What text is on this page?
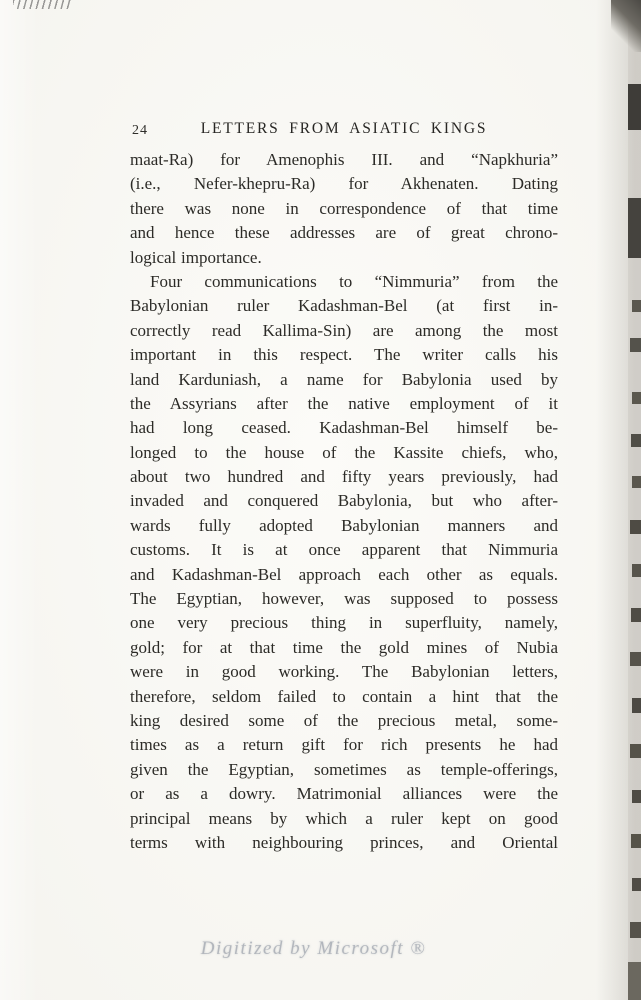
24	LETTERS FROM ASIATIC KINGS
maat-Ra) for Amenophis III. and “Napkhuria”
(i.e., Nefer-khepru-Ra) for Akhenaten. Dating
there was none in correspondence of that time
and hence these addresses are of great chrono-
logical importance.
Four communications to “Nimmuria” from the
Babylonian ruler Kadashman-Bel (at first in-
correctly read Kallima-Sin) are among the most
important in this respect. The writer calls his
land Karduniash, a name for Babylonia used by
the Assyrians after the native employment of it
had long ceased. Kadashman-Bel himself be-
longed to the house of the Kassite chiefs, who,
about two hundred and fifty years previously, had
invaded and conquered Babylonia, but who after-
wards fully adopted Babylonian manners and
customs. It is at once apparent that Nimmuria
and Kadashman-Bel approach each other as equals.
The Egyptian, however, was supposed to possess
one very precious thing in superfluity, namely,
gold; for at that time the gold mines of Nubia
were in good working. The Babylonian letters,
therefore, seldom failed to contain a hint that the
king desired some of the precious metal, some-
times as a return gift for rich presents he had
given the Egyptian, sometimes as temple-offerings,
or as a dowry. Matrimonial alliances were the
principal means by which a ruler kept on good
terms with neighbouring princes, and Oriental
Digitized by Microsoft ®
